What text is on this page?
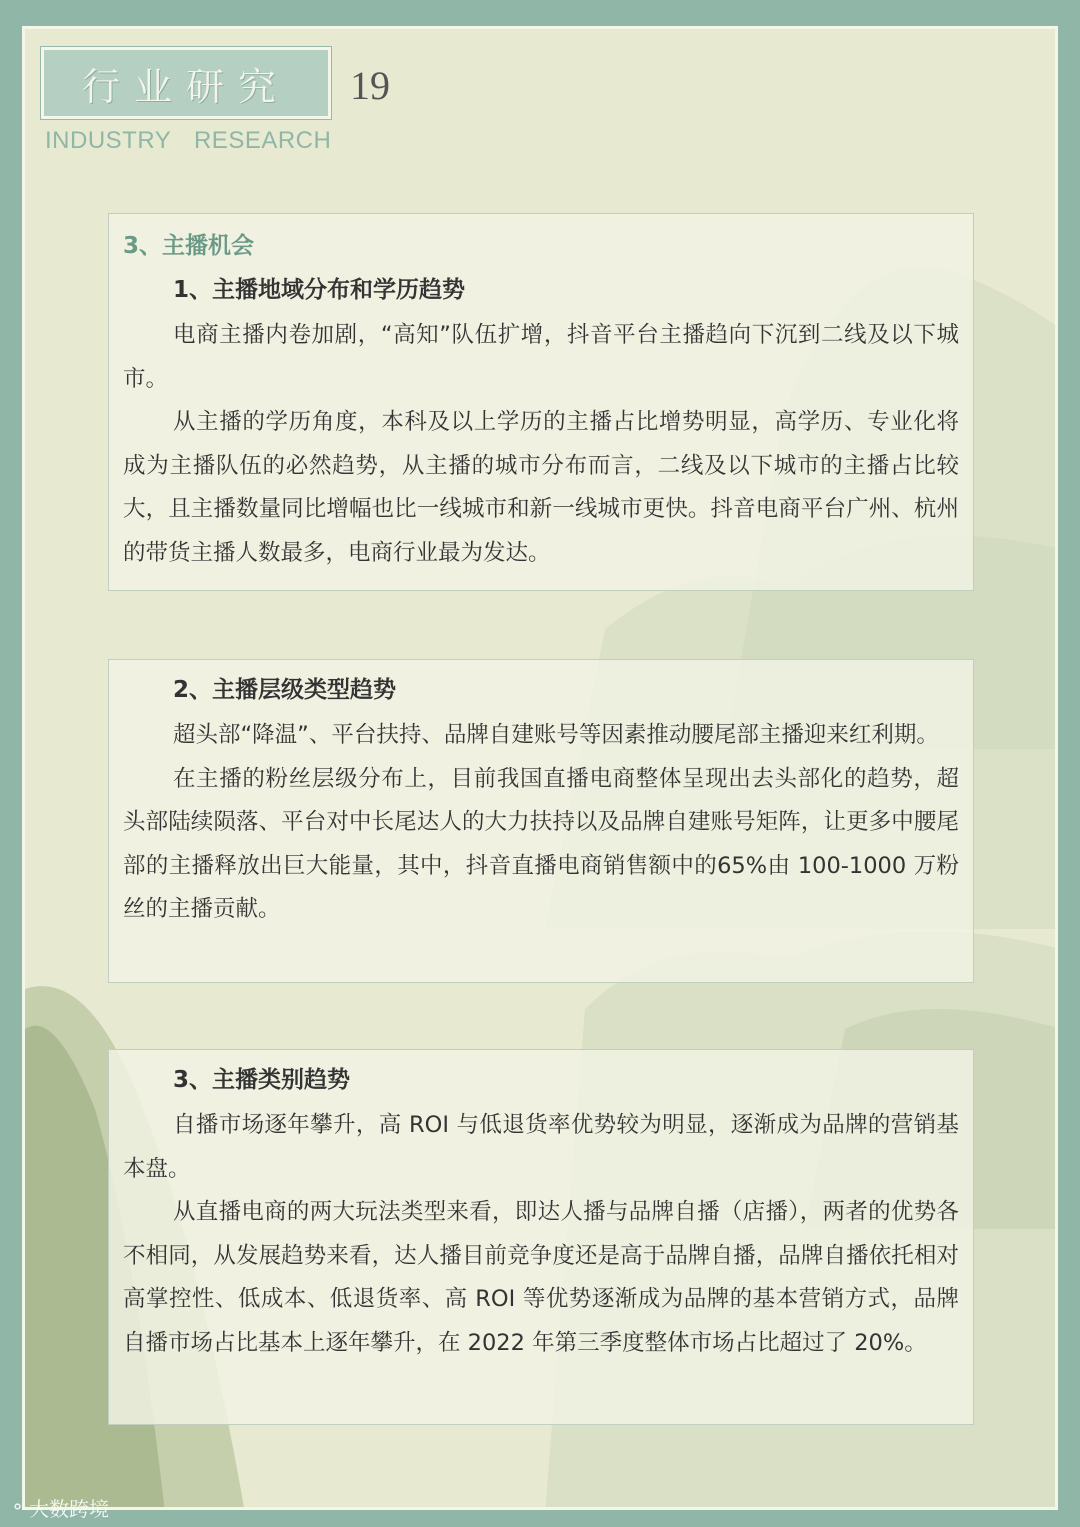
行业研究 19
INDUSTRY RESEARCH
3、主播机会
1、主播地域分布和学历趋势

电商主播内卷加剧，“高知”队伍扩增，抖音平台主播趋向下沉到二线及以下城市。

从主播的学历角度，本科及以上学历的主播占比增势明显，高学历、专业化将成为主播队伍的必然趋势，从主播的城市分布而言，二线及以下城市的主播占比较大，且主播数量同比增幅也比一线城市和新一线城市更快。抖音电商平台广州、杭州的带货主播人数最多，电商行业最为发达。

2、主播层级类型趋势

超头部“降温”、平台扶持、品牌自建账号等因素推动腰尾部主播迎来红利期。

在主播的粉丝层级分布上，目前我国直播电商整体呈现出去头部化的趋势，超头部陆续陨落、平台对中长尾达人的大力扶持以及品牌自建账号矩阵，让更多中腰尾部的主播释放出巨大能量，其中，抖音直播电商销售额中的65%由 100-1000 万粉丝的主播贡献。

3、主播类别趋势

自播市场逐年攀升，高 ROI 与低退货率优势较为明显，逐渐成为品牌的营销基本盘。

从直播电商的两大玩法类型来看，即达人播与品牌自播（店播），两者的优势各不相同，从发展趋势来看，达人播目前竞争度还是高于品牌自播，品牌自播依托相对高掌控性、低成本、低退货率、高 ROI 等优势逐渐成为品牌的基本营销方式，品牌自播市场占比基本上逐年攀升，在 2022 年第三季度整体市场占比超过了 20%。

⚬ 大数跨境
